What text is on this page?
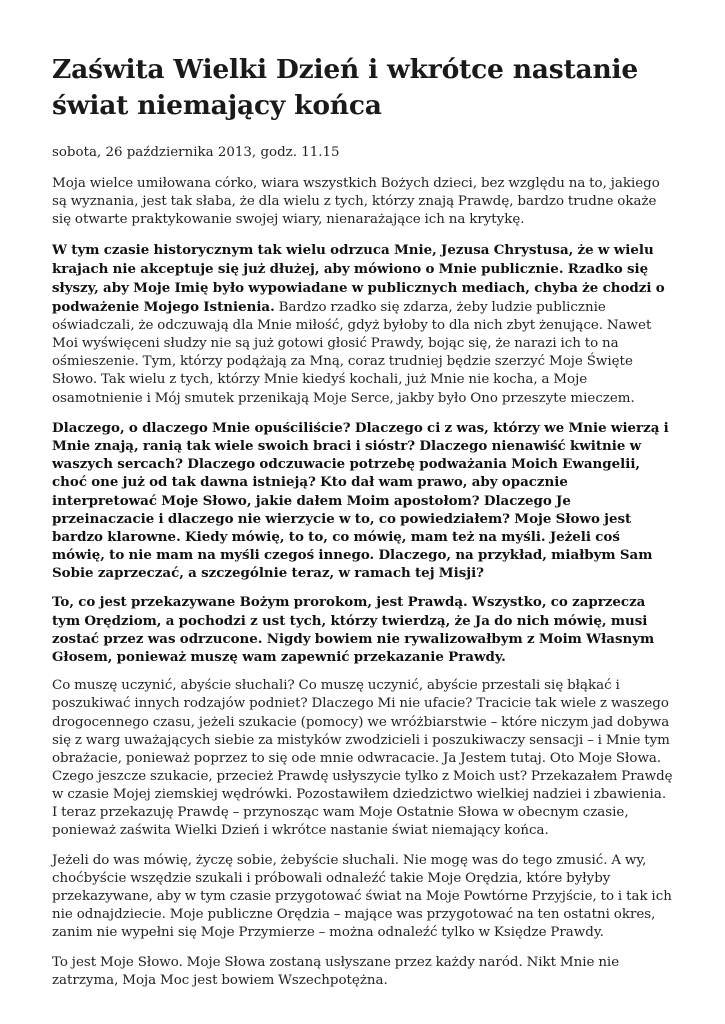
Zaświta Wielki Dzień i wkrótce nastanie świat niemający końca
sobota, 26 października 2013, godz. 11.15

Moja wielce umiłowana córko, wiara wszystkich Bożych dzieci, bez względu na to, jakiego są wyznania, jest tak słaba, że dla wielu z tych, którzy znają Prawdę, bardzo trudne okaże się otwarte praktykowanie swojej wiary, nienarażające ich na krytykę.

W tym czasie historycznym tak wielu odrzuca Mnie, Jezusa Chrystusa, że w wielu krajach nie akceptuje się już dłużej, aby mówiono o Mnie publicznie. Rzadko się słyszy, aby Moje Imię było wypowiadane w publicznych mediach, chyba że chodzi o podważenie Mojego Istnienia. Bardzo rzadko się zdarza, żeby ludzie publicznie oświadczali, że odczuwają dla Mnie miłość, gdyż byłoby to dla nich zbyt żenujące. Nawet Moi wyświęceni słudzy nie są już gotowi głosić Prawdy, bojąc się, że narazi ich to na ośmieszenie. Tym, którzy podążają za Mną, coraz trudniej będzie szerzyć Moje Święte Słowo. Tak wielu z tych, którzy Mnie kiedyś kochali, już Mnie nie kocha, a Moje osamotnienie i Mój smutek przenikają Moje Serce, jakby było Ono przeszyte mieczem.

Dlaczego, o dlaczego Mnie opuściliście? Dlaczego ci z was, którzy we Mnie wierzą i Mnie znają, ranią tak wiele swoich braci i sióstr? Dlaczego nienawiść kwitnie w waszych sercach? Dlaczego odczuwacie potrzebę podważania Moich Ewangelii, choć one już od tak dawna istnieją? Kto dał wam prawo, aby opacznie interpretować Moje Słowo, jakie dałem Moim apostołom? Dlaczego Je przeinaczacie i dlaczego nie wierzycie w to, co powiedziałem? Moje Słowo jest bardzo klarowne. Kiedy mówię, to to, co mówię, mam też na myśli. Jeżeli coś mówię, to nie mam na myśli czegoś innego. Dlaczego, na przykład, miałbym Sam Sobie zaprzeczać, a szczególnie teraz, w ramach tej Misji?

To, co jest przekazywane Bożym prorokom, jest Prawdą. Wszystko, co zaprzecza tym Orędziom, a pochodzi z ust tych, którzy twierdzą, że Ja do nich mówię, musi zostać przez was odrzucone. Nigdy bowiem nie rywalizowałbym z Moim Własnym Głosem, ponieważ muszę wam zapewnić przekazanie Prawdy.

Co muszę uczynić, abyście słuchali? Co muszę uczynić, abyście przestali się błąkać i poszukiwać innych rodzajów podniet? Dlaczego Mi nie ufacie? Tracicie tak wiele z waszego drogocennego czasu, jeżeli szukacie (pomocy) we wróżbiarstwie – które niczym jad dobywa się z warg uważających siebie za mistyków zwodzicieli i poszukiwaczy sensacji – i Mnie tym obrażacie, ponieważ poprzez to się ode mnie odwracacie. Ja Jestem tutaj. Oto Moje Słowa. Czego jeszcze szukacie, przecież Prawdę usłyszycie tylko z Moich ust? Przekazałem Prawdę w czasie Mojej ziemskiej wędrówki. Pozostawiłem dziedzictwo wielkiej nadziei i zbawienia. I teraz przekazuję Prawdę – przynosząc wam Moje Ostatnie Słowa w obecnym czasie, ponieważ zaświta Wielki Dzień i wkrótce nastanie świat niemający końca.

Jeżeli do was mówię, życzę sobie, żebyście słuchali. Nie mogę was do tego zmusić. A wy, choćbyście wszędzie szukali i próbowali odnaleźć takie Moje Orędzia, które byłyby przekazywane, aby w tym czasie przygotować świat na Moje Powtórne Przyjście, to i tak ich nie odnajdziecie. Moje publiczne Orędzia – mające was przygotować na ten ostatni okres, zanim nie wypełni się Moje Przymierze – można odnaleźć tylko w Księdze Prawdy.

To jest Moje Słowo. Moje Słowa zostaną usłyszane przez każdy naród. Nikt Mnie nie zatrzyma, Moja Moc jest bowiem Wszechpotężna.
